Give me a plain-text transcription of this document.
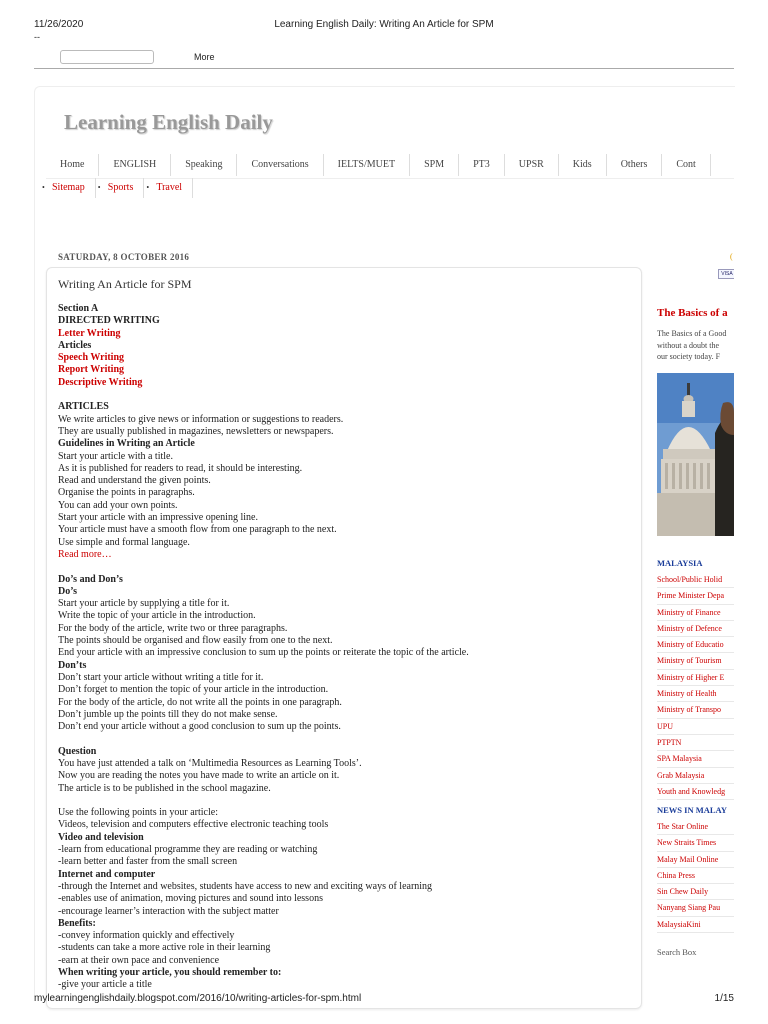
11/26/2020	Learning English Daily: Writing An Article for SPM
--
More
Learning English Daily
Home	ENGLISH	Speaking	Conversations	IELTS/MUET	SPM	PT3	UPSR	Kids	Others	Cont
• Sitemap	• Sports	• Travel
SATURDAY, 8 OCTOBER 2016
Writing An Article for SPM
Section A
DIRECTED WRITING
Letter Writing
Articles
Speech Writing
Report Writing
Descriptive Writing
ARTICLES
We write articles to give news or information or suggestions to readers.
They are usually published in magazines, newsletters or newspapers.
Guidelines in Writing an Article
Start your article with a title.
As it is published for readers to read, it should be interesting.
Read and understand the given points.
Organise the points in paragraphs.
You can add your own points.
Start your article with an impressive opening line.
Your article must have a smooth flow from one paragraph to the next.
Use simple and formal language.
Read more…
Do’s and Don’s
Do’s
Start your article by supplying a title for it.
Write the topic of your article in the introduction.
For the body of the article, write two or three paragraphs.
The points should be organised and flow easily from one to the next.
End your article with an impressive conclusion to sum up the points or reiterate the topic of the article.
Don’ts
Don’t start your article without writing a title for it.
Don’t forget to mention the topic of your article in the introduction.
For the body of the article, do not write all the points in one paragraph.
Don’t jumble up the points till they do not make sense.
Don’t end your article without a good conclusion to sum up the points.
Question
You have just attended a talk on ‘Multimedia Resources as Learning Tools’.
Now you are reading the notes you have made to write an article on it.
The article is to be published in the school magazine.
Use the following points in your article:
Videos, television and computers effective electronic teaching tools
Video and television
-learn from educational programme they are reading or watching
-learn better and faster from the small screen
Internet and computer
-through the Internet and websites, students have access to new and exciting ways of learning
-enables use of animation, moving pictures and sound into lessons
-encourage learner’s interaction with the subject matter
Benefits:
-convey information quickly and effectively
-students can take a more active role in their learning
-earn at their own pace and convenience
When writing your article, you should remember to:
-give your article a title
(
VISA
The Basics of a
The Basics of a Good
without a doubt the
our society today. F
MALAYSIA
School/Public Holid
Prime Minister Depa
Ministry of Finance
Ministry of Defence
Ministry of Educatio
Ministry of Tourism
Ministry of Higher E
Ministry of Health
Ministry of Transpo
UPU
PTPTN
SPA Malaysia
Grab Malaysia
Youth and Knowledg
NEWS IN MALAY
The Star Online
New Straits Times
Malay Mail Online
China Press
Sin Chew Daily
Nanyang Siang Pau
MalaysiaKini
Search Box
mylearningenglishdaily.blogspot.com/2016/10/writing-articles-for-spm.html	1/15
